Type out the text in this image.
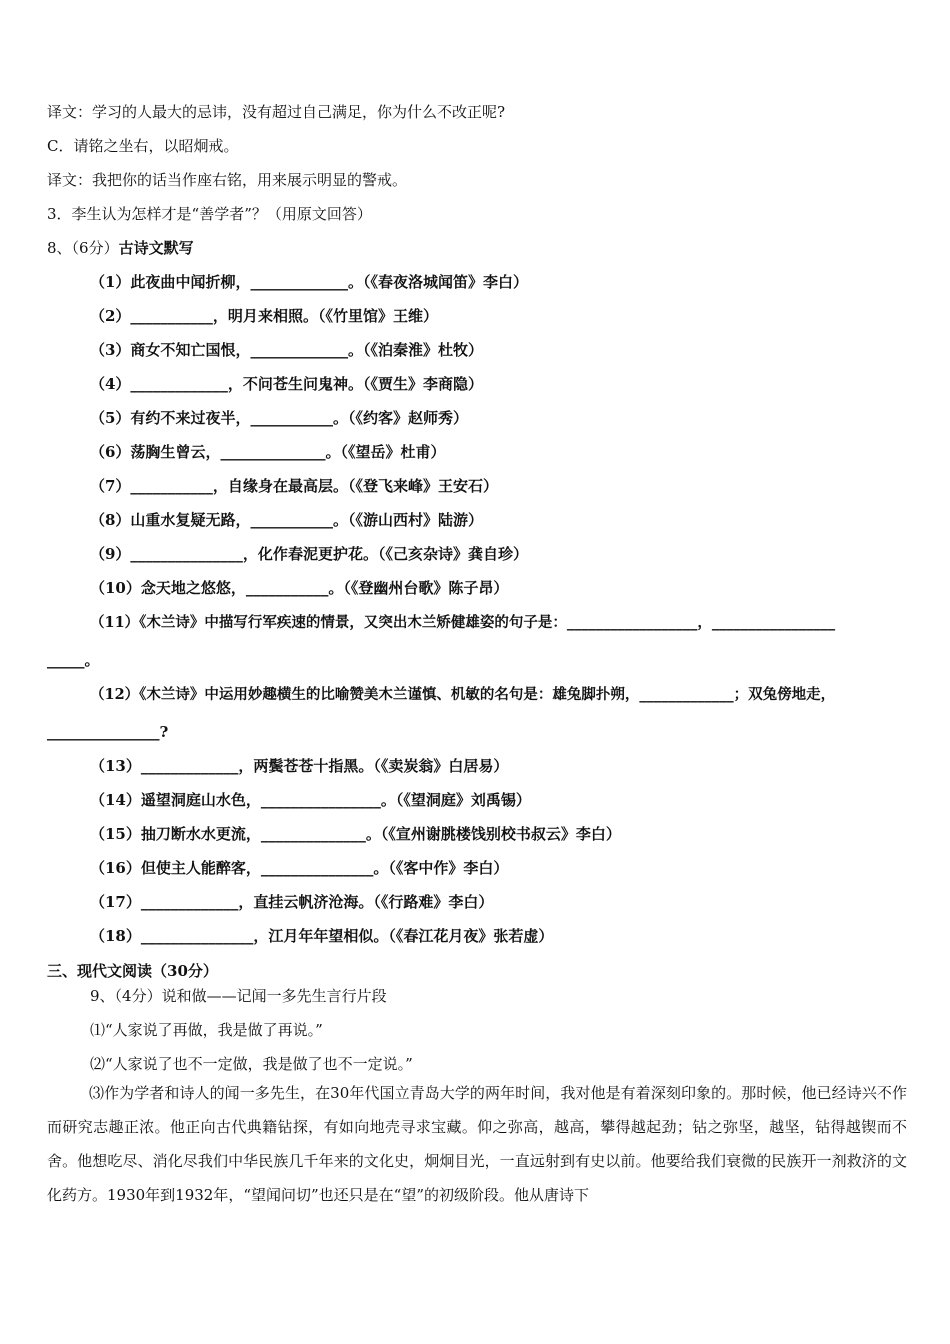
译文：学习的人最大的忌讳，没有超过自己满足，你为什么不改正呢?
C．请铭之坐右，以昭炯戒。
译文：我把你的话当作座右铭，用来展示明显的警戒。
3．李生认为怎样才是“善学者”？（用原文回答）
8、（6分）古诗文默写
（1）此夜曲中闻折柳，_____________。（《春夜洛城闻笛》李白）
（2）___________，明月来相照。（《竹里馆》王维）
（3）商女不知亡国恨，_____________。（《泊秦淮》杜牧）
（4）_____________，不问苍生问鬼神。（《贾生》李商隐）
（5）有约不来过夜半，___________。（《约客》赵师秀）
（6）荡胸生曾云，______________。（《望岳》杜甫）
（7）___________，自缘身在最高层。（《登飞来峰》王安石）
（8）山重水复疑无路，___________。（《游山西村》陆游）
（9）_______________，化作春泥更护花。（《己亥杂诗》龚自珍）
（10）念天地之悠悠，___________。（《登幽州台歌》陈子昂）
（11）《木兰诗》中描写行军疾速的情景，又突出木兰矫健雄姿的句子是：__________________，_________________
_____。
（12）《木兰诗》中运用妙趣横生的比喻赞美木兰谨慎、机敏的名句是：雄兔脚扑朔，_____________；双兔傍地走，
_______________?
（13）_____________，两鬓苍苍十指黑。（《卖炭翁》白居易）
（14）遥望洞庭山水色，________________。（《望洞庭》刘禹锡）
（15）抽刀断水水更流，______________。（《宣州谢朓楼饯别校书叔云》李白）
（16）但使主人能醉客，_______________。（《客中作》李白）
（17）_____________，直挂云帆济沧海。（《行路难》李白）
（18）_______________，江月年年望相似。（《春江花月夜》张若虚）
三、现代文阅读（30分）
9、（4分）说和做——记闻一多先生言行片段
⑴“人家说了再做，我是做了再说。”
⑵“人家说了也不一定做，我是做了也不一定说。”
⑶作为学者和诗人的闻一多先生，在30年代国立青岛大学的两年时间，我对他是有着深刻印象的。那时候，他已经诗兴不作而研究志趣正浓。他正向古代典籍钻探，有如向地壳寻求宝藏。仰之弥高，越高，攀得越起劲；钻之弥坚，越坚，钻得越锲而不舍。他想吃尽、消化尽我们中华民族几千年来的文化史，炯炯目光，一直远射到有史以前。他要给我们衰微的民族开一剂救济的文化药方。1930年到1932年，“望闻问切”也还只是在“望”的初级阶段。他从唐诗下
